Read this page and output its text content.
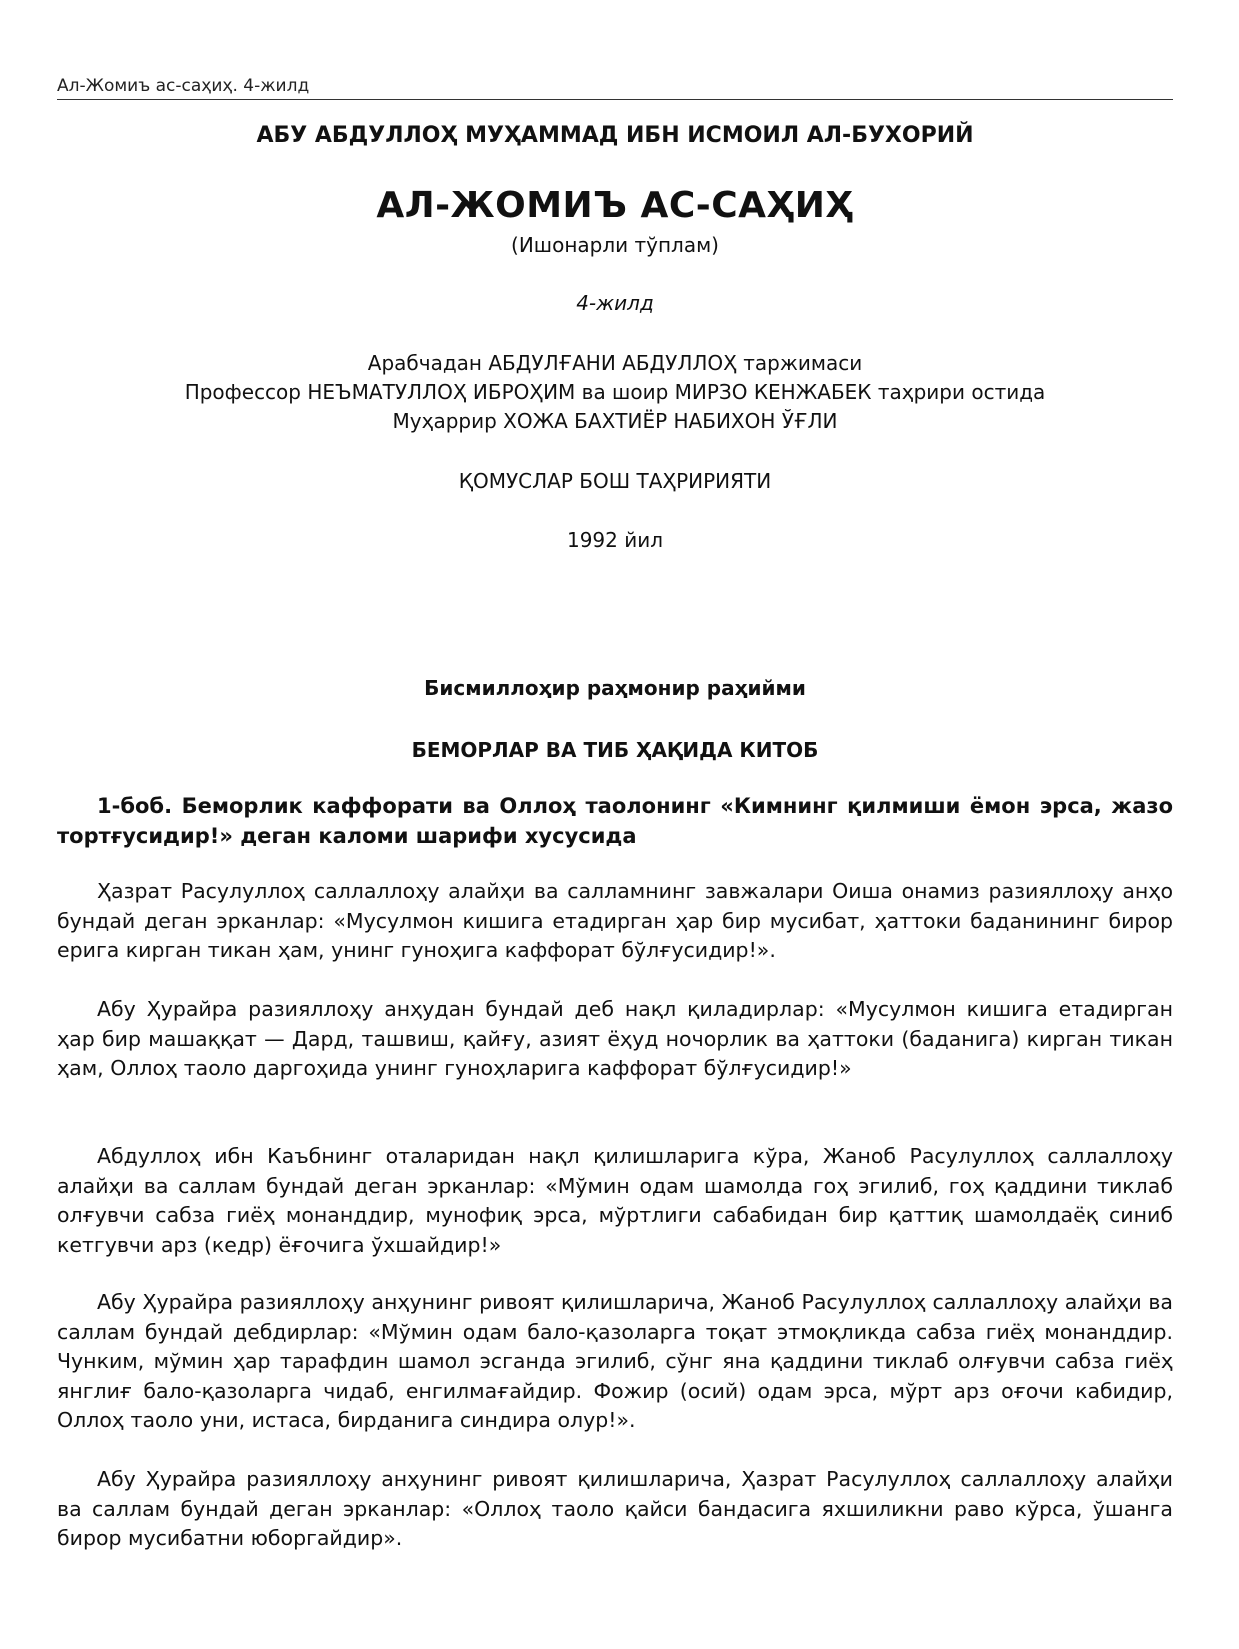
Ал-Жомиъ ас-саҳиҳ. 4-жилд
АБУ АБДУЛЛОҲ МУҲАММАД ИБН ИСМОИЛ АЛ-БУХОРИЙ
АЛ-ЖОМИЪ АС-САҲИҲ
(Ишонарли тўплам)
4-жилд
Арабчадан АБДУЛҒАНИ АБДУЛЛОҲ таржимаси
Профессор НЕЪМАТУЛЛОҲ ИБРОҲИМ ва шоир МИРЗО КЕНЖАБЕК таҳрири остида
Муҳаррир ХОЖА БАХТИЁР НАБИХОН ЎҒЛИ
ҚОМУСЛАР БОШ ТАҲРИРИЯТИ
1992 йил
Бисмиллоҳир раҳмонир раҳийми
БЕМОРЛАР ВА ТИБ ҲАҚИДА КИТОБ

1-боб. Беморлик каффорати ва Оллоҳ таолонинг «Кимнинг қилмиши ёмон эрса, жазо тортғусидир!» деган каломи шарифи хусусида

Ҳазрат Расулуллоҳ саллаллоҳу алайҳи ва салламнинг завжалари Оиша онамиз разияллоҳу анҳо бундай деган эрканлар: «Мусулмон кишига етадирган ҳар бир мусибат, ҳаттоки баданининг бирор ерига кирган тикан ҳам, унинг гуноҳига каффорат бўлғусидир!».

Абу Ҳурайра разияллоҳу анҳудан бундай деб нақл қиладирлар: «Мусулмон кишига етадирган ҳар бир машаққат — Дард, ташвиш, қайғу, азият ёҳуд ночорлик ва ҳаттоки (баданига) кирган тикан ҳам, Оллоҳ таоло даргоҳида унинг гуноҳларига каффорат бўлғусидир!»

Абдуллоҳ ибн Каъбнинг оталаридан нақл қилишларига кўра, Жаноб Расулуллоҳ саллаллоҳу алайҳи ва саллам бундай деган эрканлар: «Мўмин одам шамолда гоҳ эгилиб, гоҳ қаддини тиклаб олғувчи сабза гиёҳ монанддир, мунофиқ эрса, мўртлиги сабабидан бир қаттиқ шамолдаёқ синиб кетгувчи арз (кедр) ёғочига ўхшайдир!»

Абу Ҳурайра разияллоҳу анҳунинг ривоят қилишларича, Жаноб Расулуллоҳ саллаллоҳу алайҳи ва саллам бундай дебдирлар: «Мўмин одам бало-қазоларга тоқат этмоқликда сабза гиёҳ монанддир. Чунким, мўмин ҳар тарафдин шамол эсганда эгилиб, сўнг яна қаддини тиклаб олғувчи сабза гиёҳ янглиғ бало-қазоларга чидаб, енгилмағайдир. Фожир (осий) одам эрса, мўрт арз оғочи кабидир, Оллоҳ таоло уни, истаса, бирданига синдира олур!».

Абу Ҳурайра разияллоҳу анҳунинг ривоят қилишларича, Ҳазрат Расулуллоҳ саллаллоҳу алайҳи ва саллам бундай деган эрканлар: «Оллоҳ таоло қайси бандасига яхшиликни раво кўрса, ўшанга бирор мусибатни юборгайдир».
